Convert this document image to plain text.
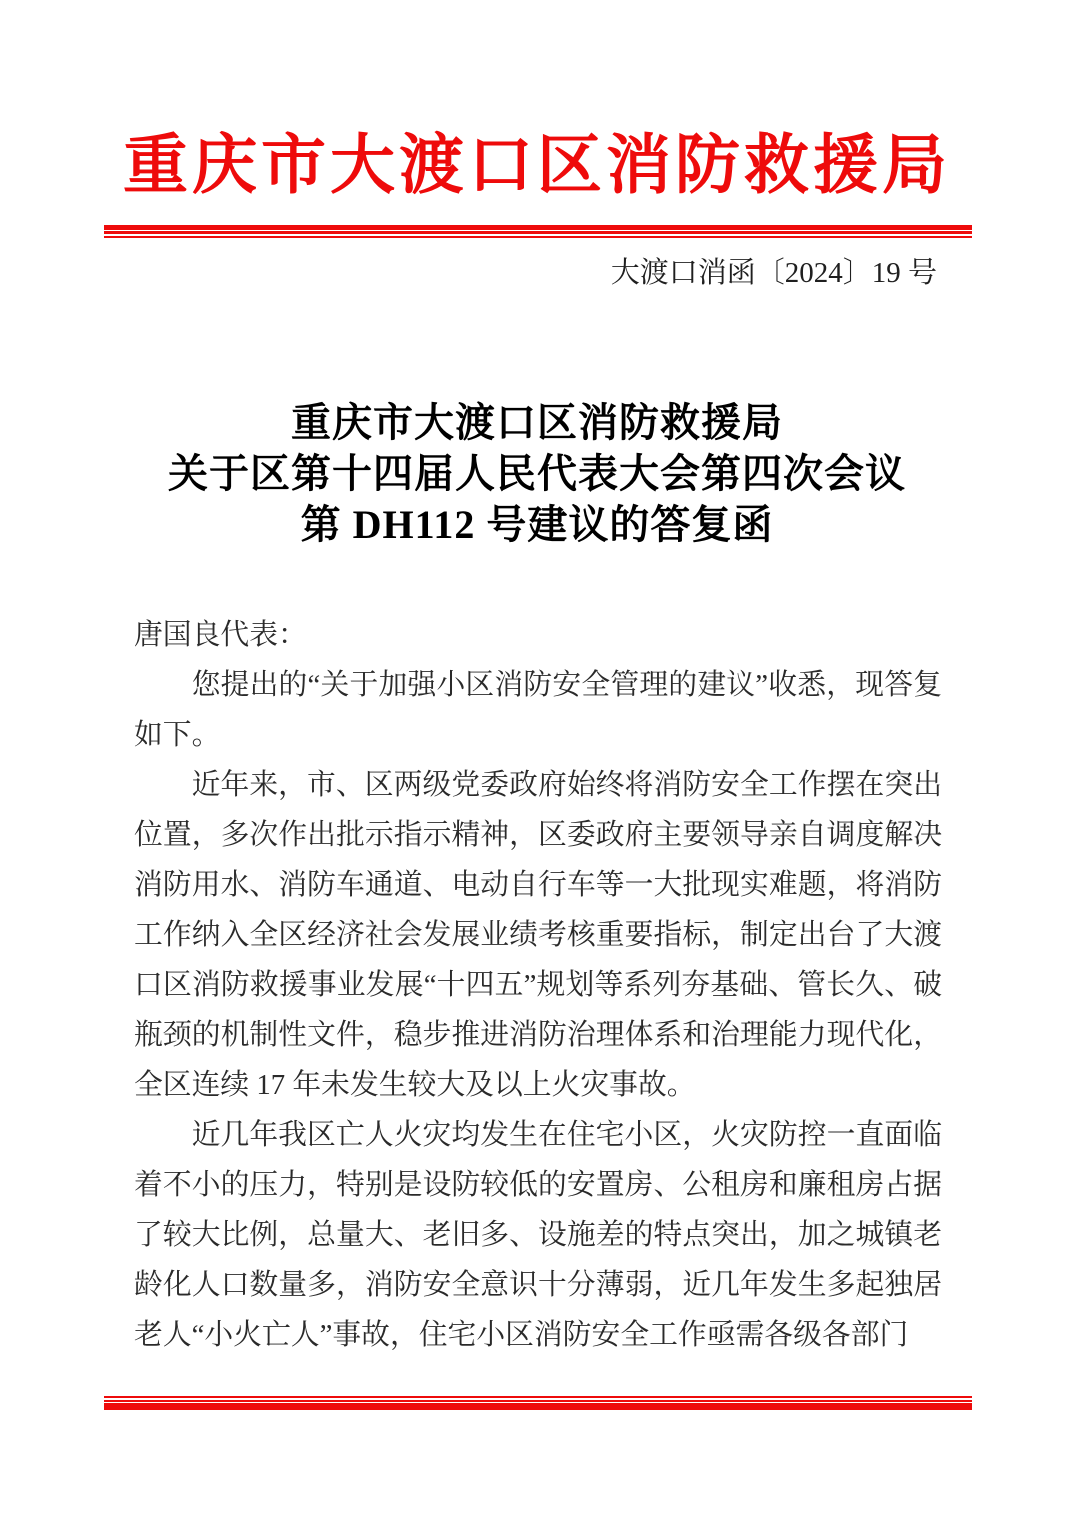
重庆市大渡口区消防救援局
大渡口消函〔2024〕19 号
重庆市大渡口区消防救援局
关于区第十四届人民代表大会第四次会议
第 DH112 号建议的答复函

唐国良代表：

您提出的“关于加强小区消防安全管理的建议”收悉，现答复如下。

近年来，市、区两级党委政府始终将消防安全工作摆在突出位置，多次作出批示指示精神，区委政府主要领导亲自调度解决消防用水、消防车通道、电动自行车等一大批现实难题，将消防工作纳入全区经济社会发展业绩考核重要指标，制定出台了大渡口区消防救援事业发展“十四五”规划等系列夯基础、管长久、破瓶颈的机制性文件，稳步推进消防治理体系和治理能力现代化，全区连续 17 年未发生较大及以上火灾事故。

近几年我区亡人火灾均发生在住宅小区，火灾防控一直面临着不小的压力，特别是设防较低的安置房、公租房和廉租房占据了较大比例，总量大、老旧多、设施差的特点突出，加之城镇老龄化人口数量多，消防安全意识十分薄弱，近几年发生多起独居老人“小火亡人”事故，住宅小区消防安全工作亟需各级各部门
